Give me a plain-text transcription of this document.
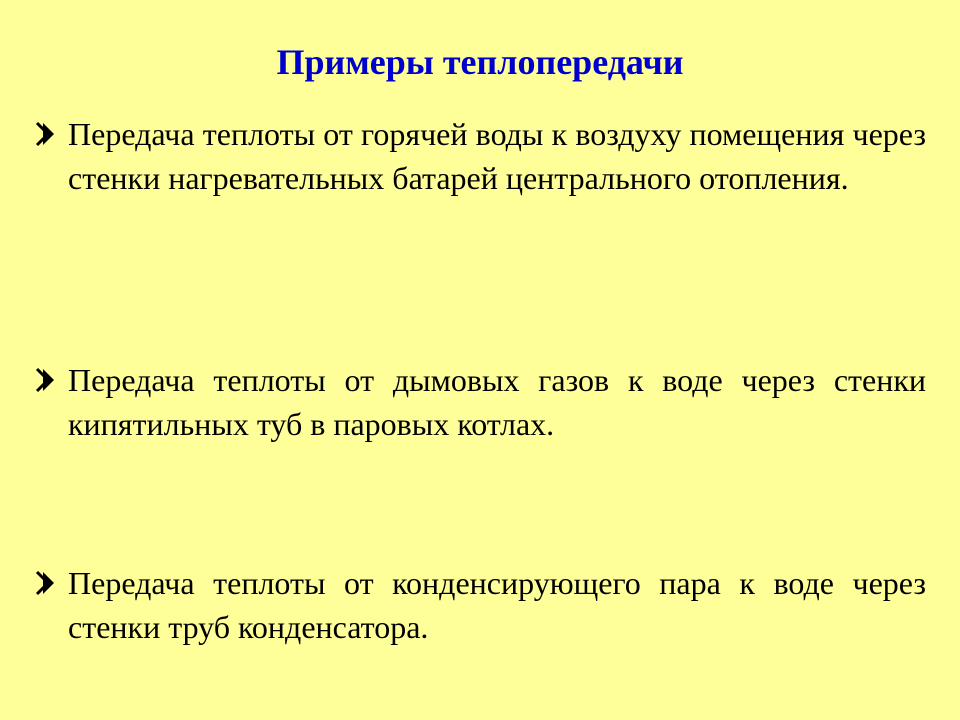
Примеры теплопередачи
Передача теплоты от горячей воды к воздуху помещения через стенки нагревательных батарей центрального отопления.
Передача теплоты от дымовых газов к воде через стенки кипятильных туб в паровых котлах.
Передача теплоты от конденсирующего пара к воде через стенки труб конденсатора.
